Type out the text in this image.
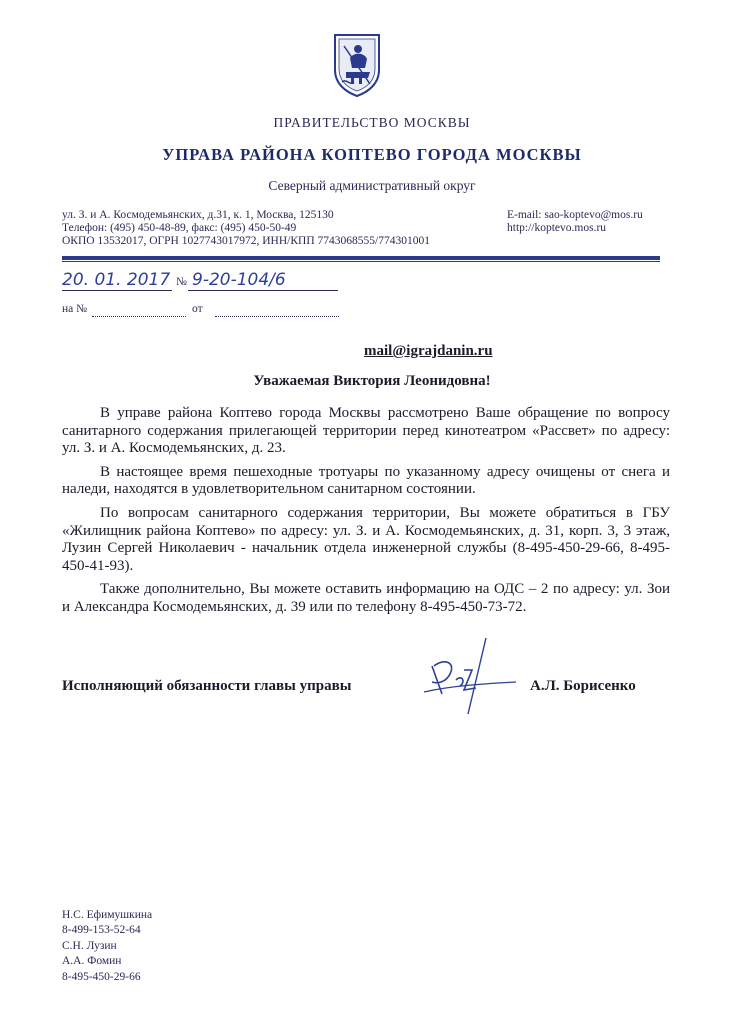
ПРАВИТЕЛЬСТВО МОСКВЫ
УПРАВА РАЙОНА КОПТЕВО ГОРОДА МОСКВЫ
Северный административный округ
ул. З. и А. Космодемьянских, д.31, к. 1, Москва, 125130
Телефон: (495) 450-48-89, факс: (495) 450-50-49
ОКПО 13532017, ОГРН 1027743017972, ИНН/КПП 7743068555/774301001
E-mail: sao-koptevo@mos.ru
http://koptevo.mos.ru
20. 01. 2017 № 9-20-104/6
на №	от
mail@igrajdanin.ru
Уважаемая Виктория Леонидовна!

В управе района Коптево города Москвы рассмотрено Ваше обращение по вопросу санитарного содержания прилегающей территории перед кинотеатром «Рассвет» по адресу: ул. З. и А. Космодемьянских, д. 23.

В настоящее время пешеходные тротуары по указанному адресу очищены от снега и наледи, находятся в удовлетворительном санитарном состоянии.

По вопросам санитарного содержания территории, Вы можете обратиться в ГБУ «Жилищник района Коптево» по адресу: ул. З. и А. Космодемьянских, д. 31, корп. 3, 3 этаж, Лузин Сергей Николаевич - начальник отдела инженерной службы (8-495-450-29-66, 8-495-450-41-93).

Также дополнительно, Вы можете оставить информацию на ОДС – 2 по адресу: ул. Зои и Александра Космодемьянских, д. 39 или по телефону 8-495-450-73-72.

Исполняющий обязанности главы управы	А.Л. Борисенко
Н.С. Ефимушкина
8-499-153-52-64
С.Н. Лузин
А.А. Фомин
8-495-450-29-66
